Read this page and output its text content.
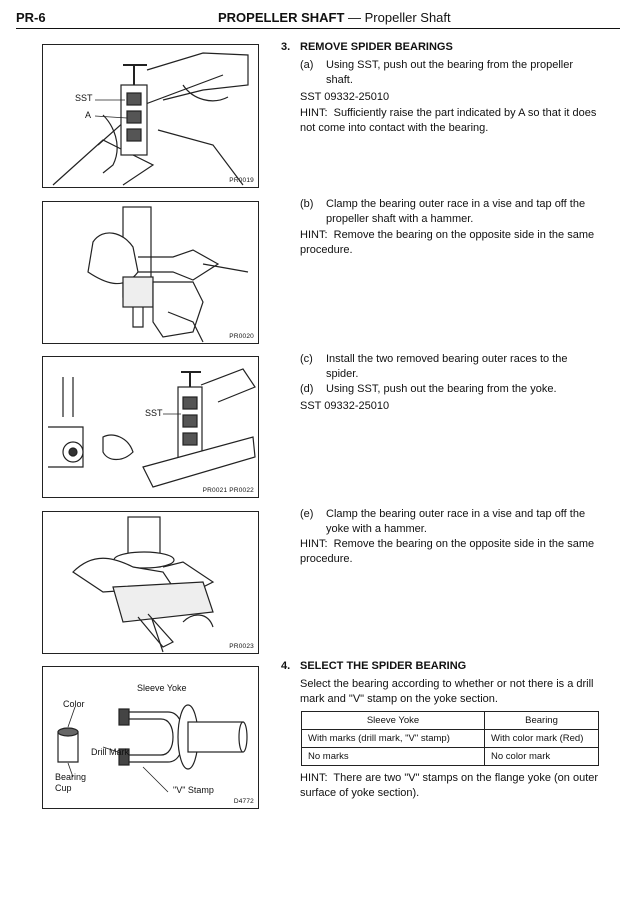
PR-6	PROPELLER SHAFT — Propeller Shaft
SST
A
PR0019
PR0020
SST
PR0021 PR0022
PR0023
Sleeve Yoke
Color
Drill Mark
Bearing
Cup	"V" Stamp
D4772
3. REMOVE SPIDER BEARINGS
(a) Using SST, push out the bearing from the propeller shaft.
SST 09332-25010
HINT: Sufficiently raise the part indicated by A so that it does not come into contact with the bearing.
(b) Clamp the bearing outer race in a vise and tap off the propeller shaft with a hammer.
HINT: Remove the bearing on the opposite side in the same procedure.
(c) Install the two removed bearing outer races to the spider.
(d) Using SST, push out the bearing from the yoke.
SST 09332-25010
(e) Clamp the bearing outer race in a vise and tap off the yoke with a hammer.
HINT: Remove the bearing on the opposite side in the same procedure.
4. SELECT THE SPIDER BEARING
Select the bearing according to whether or not there is a drill mark and "V" stamp on the yoke section.
Sleeve Yoke	Bearing
With marks (drill mark, "V" stamp)	With color mark (Red)
No marks	No color mark
HINT: There are two "V" stamps on the flange yoke (on outer surface of yoke section).
